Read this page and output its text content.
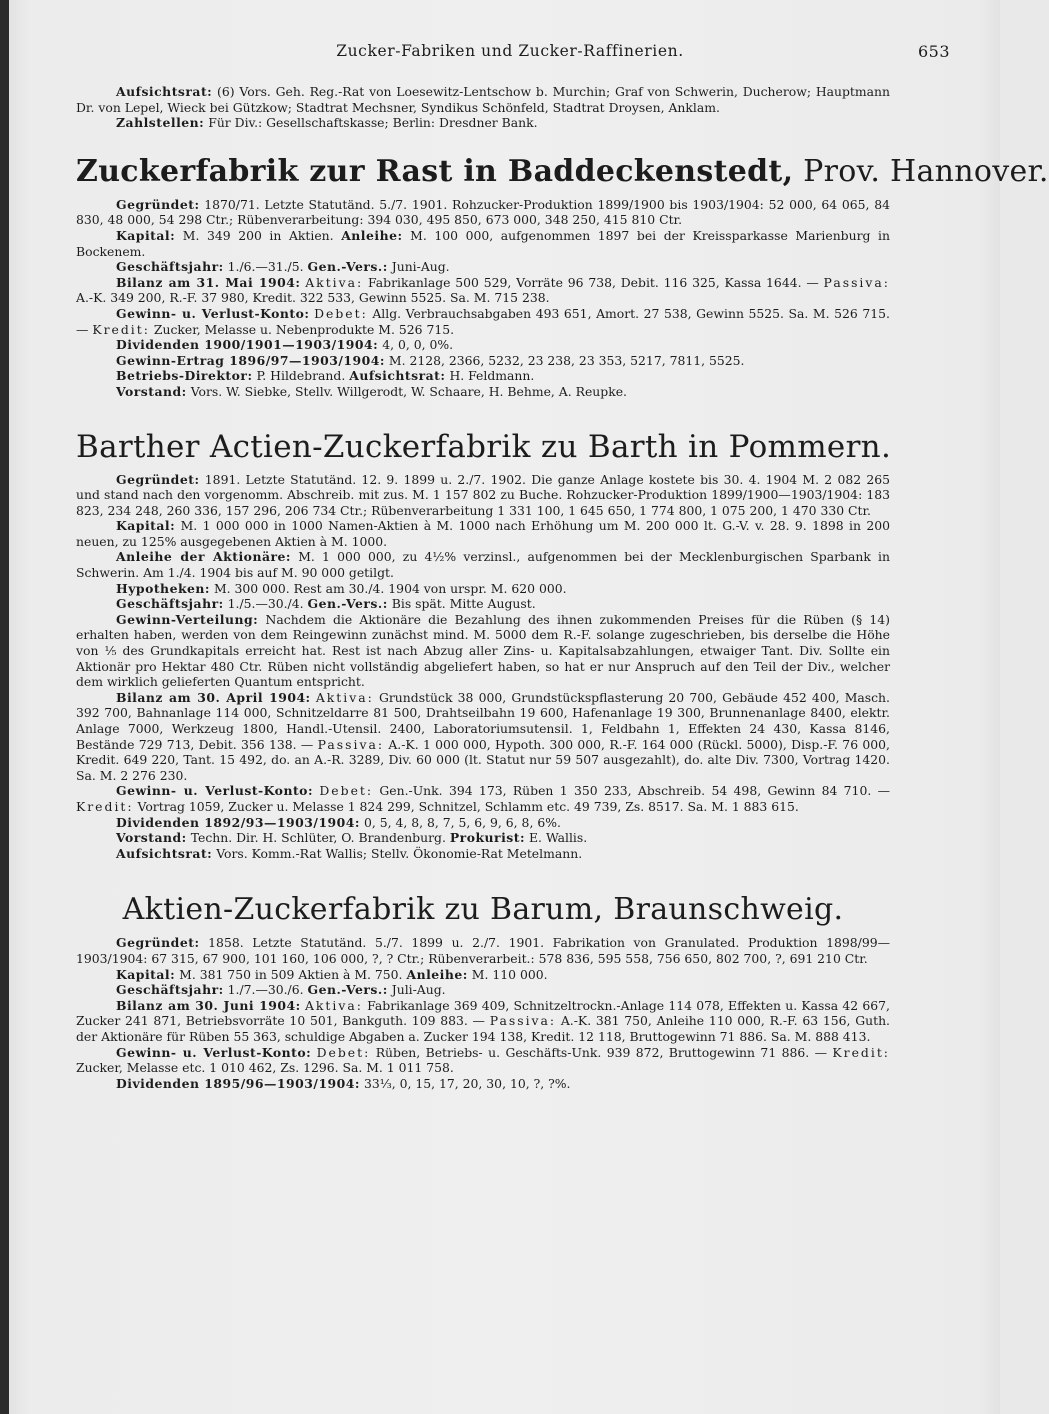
Zucker-Fabriken und Zucker-Raffinerien.	653

Aufsichtsrat: (6) Vors. Geh. Reg.-Rat von Loesewitz-Lentschow b. Murchin; Graf von Schwerin, Ducherow; Hauptmann Dr. von Lepel, Wieck bei Gützkow; Stadtrat Mechsner, Syndikus Schönfeld, Stadtrat Droysen, Anklam.

Zahlstellen: Für Div.: Gesellschaftskasse; Berlin: Dresdner Bank.

Zuckerfabrik zur Rast in Baddeckenstedt, Prov. Hannover.

Gegründet: 1870/71. Letzte Statutänd. 5./7. 1901. Rohzucker-Produktion 1899/1900 bis 1903/1904: 52 000, 64 065, 84 830, 48 000, 54 298 Ctr.; Rübenverarbeitung: 394 030, 495 850, 673 000, 348 250, 415 810 Ctr.

Kapital: M. 349 200 in Aktien. Anleihe: M. 100 000, aufgenommen 1897 bei der Kreissparkasse Marienburg in Bockenem.

Geschäftsjahr: 1./6.—31./5. Gen.-Vers.: Juni-Aug.

Bilanz am 31. Mai 1904: Aktiva: Fabrikanlage 500 529, Vorräte 96 738, Debit. 116 325, Kassa 1644. — Passiva: A.-K. 349 200, R.-F. 37 980, Kredit. 322 533, Gewinn 5525. Sa. M. 715 238.

Gewinn- u. Verlust-Konto: Debet: Allg. Verbrauchsabgaben 493 651, Amort. 27 538, Gewinn 5525. Sa. M. 526 715. — Kredit: Zucker, Melasse u. Nebenprodukte M. 526 715.

Dividenden 1900/1901—1903/1904: 4, 0, 0, 0%.

Gewinn-Ertrag 1896/97—1903/1904: M. 2128, 2366, 5232, 23 238, 23 353, 5217, 7811, 5525.

Betriebs-Direktor: P. Hildebrand. Aufsichtsrat: H. Feldmann.

Vorstand: Vors. W. Siebke, Stellv. Willgerodt, W. Schaare, H. Behme, A. Reupke.

Barther Actien-Zuckerfabrik zu Barth in Pommern.

Gegründet: 1891. Letzte Statutänd. 12. 9. 1899 u. 2./7. 1902. Die ganze Anlage kostete bis 30. 4. 1904 M. 2 082 265 und stand nach den vorgenomm. Abschreib. mit zus. M. 1 157 802 zu Buche. Rohzucker-Produktion 1899/1900—1903/1904: 183 823, 234 248, 260 336, 157 296, 206 734 Ctr.; Rübenverarbeitung 1 331 100, 1 645 650, 1 774 800, 1 075 200, 1 470 330 Ctr.

Kapital: M. 1 000 000 in 1000 Namen-Aktien à M. 1000 nach Erhöhung um M. 200 000 lt. G.-V. v. 28. 9. 1898 in 200 neuen, zu 125% ausgegebenen Aktien à M. 1000.

Anleihe der Aktionäre: M. 1 000 000, zu 4½% verzinsl., aufgenommen bei der Mecklenburgischen Sparbank in Schwerin. Am 1./4. 1904 bis auf M. 90 000 getilgt.

Hypotheken: M. 300 000. Rest am 30./4. 1904 von urspr. M. 620 000.

Geschäftsjahr: 1./5.—30./4. Gen.-Vers.: Bis spät. Mitte August.

Gewinn-Verteilung: Nachdem die Aktionäre die Bezahlung des ihnen zukommenden Preises für die Rüben (§ 14) erhalten haben, werden von dem Reingewinn zunächst mind. M. 5000 dem R.-F. solange zugeschrieben, bis derselbe die Höhe von ⅕ des Grundkapitals erreicht hat. Rest ist nach Abzug aller Zins- u. Kapitalsabzahlungen, etwaiger Tant. Div. Sollte ein Aktionär pro Hektar 480 Ctr. Rüben nicht vollständig abgeliefert haben, so hat er nur Anspruch auf den Teil der Div., welcher dem wirklich gelieferten Quantum entspricht.

Bilanz am 30. April 1904: Aktiva: Grundstück 38 000, Grundstückspflasterung 20 700, Gebäude 452 400, Masch. 392 700, Bahnanlage 114 000, Schnitzeldarre 81 500, Drahtseilbahn 19 600, Hafenanlage 19 300, Brunnenanlage 8400, elektr. Anlage 7000, Werkzeug 1800, Handl.-Utensil. 2400, Laboratoriumsutensil. 1, Feldbahn 1, Effekten 24 430, Kassa 8146, Bestände 729 713, Debit. 356 138. — Passiva: A.-K. 1 000 000, Hypoth. 300 000, R.-F. 164 000 (Rückl. 5000), Disp.-F. 76 000, Kredit. 649 220, Tant. 15 492, do. an A.-R. 3289, Div. 60 000 (lt. Statut nur 59 507 ausgezahlt), do. alte Div. 7300, Vortrag 1420. Sa. M. 2 276 230.

Gewinn- u. Verlust-Konto: Debet: Gen.-Unk. 394 173, Rüben 1 350 233, Abschreib. 54 498, Gewinn 84 710. — Kredit: Vortrag 1059, Zucker u. Melasse 1 824 299, Schnitzel, Schlamm etc. 49 739, Zs. 8517. Sa. M. 1 883 615.

Dividenden 1892/93—1903/1904: 0, 5, 4, 8, 8, 7, 5, 6, 9, 6, 8, 6%.

Vorstand: Techn. Dir. H. Schlüter, O. Brandenburg. Prokurist: E. Wallis.

Aufsichtsrat: Vors. Komm.-Rat Wallis; Stellv. Ökonomie-Rat Metelmann.

Aktien-Zuckerfabrik zu Barum, Braunschweig.

Gegründet: 1858. Letzte Statutänd. 5./7. 1899 u. 2./7. 1901. Fabrikation von Granulated. Produktion 1898/99—1903/1904: 67 315, 67 900, 101 160, 106 000, ?, ? Ctr.; Rübenverarbeit.: 578 836, 595 558, 756 650, 802 700, ?, 691 210 Ctr.

Kapital: M. 381 750 in 509 Aktien à M. 750. Anleihe: M. 110 000.

Geschäftsjahr: 1./7.—30./6. Gen.-Vers.: Juli-Aug.

Bilanz am 30. Juni 1904: Aktiva: Fabrikanlage 369 409, Schnitzeltrockn.-Anlage 114 078, Effekten u. Kassa 42 667, Zucker 241 871, Betriebsvorräte 10 501, Bankguth. 109 883. — Passiva: A.-K. 381 750, Anleihe 110 000, R.-F. 63 156, Guth. der Aktionäre für Rüben 55 363, schuldige Abgaben a. Zucker 194 138, Kredit. 12 118, Bruttogewinn 71 886. Sa. M. 888 413.

Gewinn- u. Verlust-Konto: Debet: Rüben, Betriebs- u. Geschäfts-Unk. 939 872, Bruttogewinn 71 886. — Kredit: Zucker, Melasse etc. 1 010 462, Zs. 1296. Sa. M. 1 011 758.

Dividenden 1895/96—1903/1904: 33⅓, 0, 15, 17, 20, 30, 10, ?, ?%.
